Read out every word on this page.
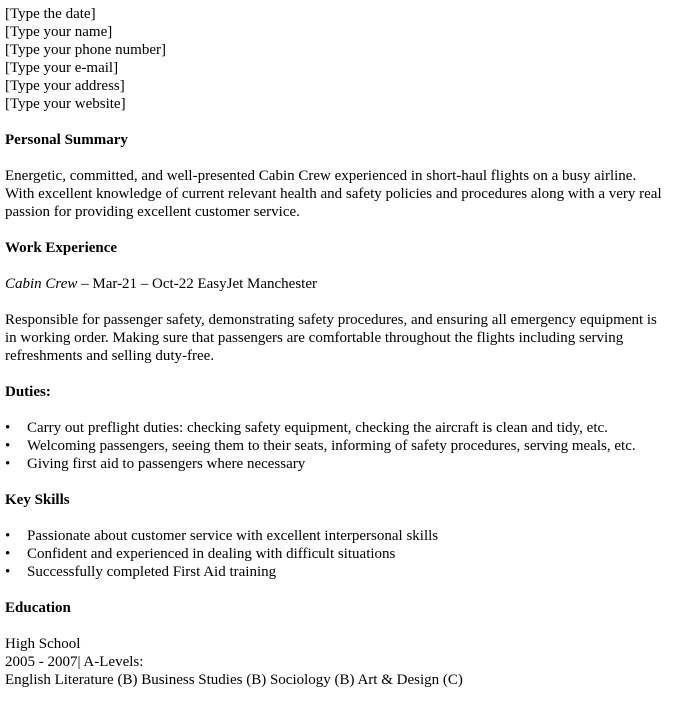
[Type the date]
[Type your name]
[Type your phone number]
[Type your e-mail]
[Type your address]
[Type your website]
Personal Summary
Energetic, committed, and well-presented Cabin Crew experienced in short-haul flights on a busy airline. With excellent knowledge of current relevant health and safety policies and procedures along with a very real passion for providing excellent customer service.
Work Experience
Cabin Crew – Mar-21 – Oct-22 EasyJet Manchester
Responsible for passenger safety, demonstrating safety procedures, and ensuring all emergency equipment is in working order. Making sure that passengers are comfortable throughout the flights including serving refreshments and selling duty-free.
Duties:
• Carry out preflight duties: checking safety equipment, checking the aircraft is clean and tidy, etc.
• Welcoming passengers, seeing them to their seats, informing of safety procedures, serving meals, etc.
• Giving first aid to passengers where necessary
Key Skills
• Passionate about customer service with excellent interpersonal skills
• Confident and experienced in dealing with difficult situations
• Successfully completed First Aid training
Education
High School
2005 - 2007| A-Levels:
English Literature (B) Business Studies (B) Sociology (B) Art & Design (C)
